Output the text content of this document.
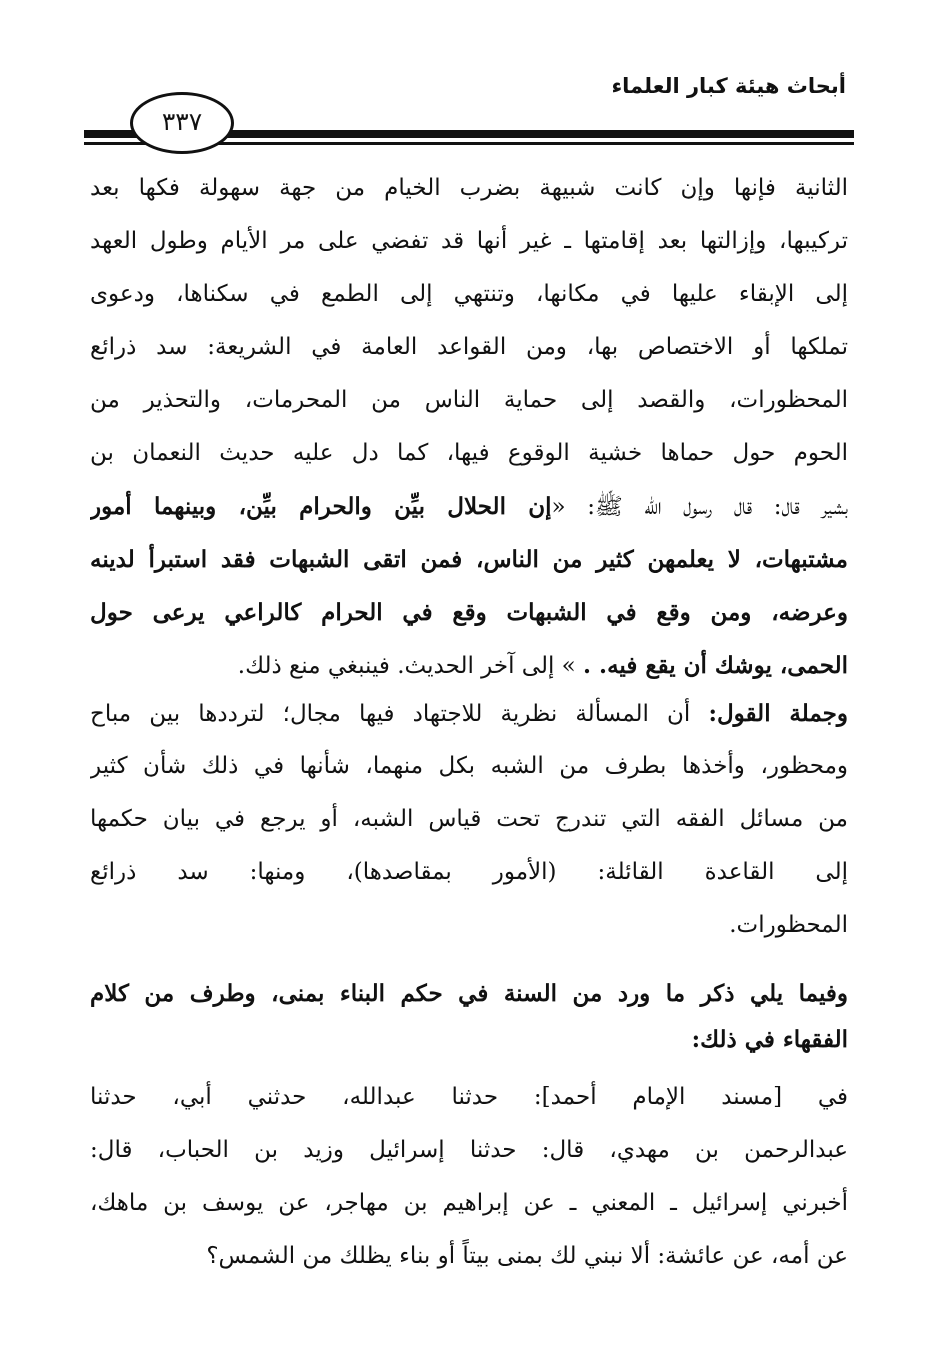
أبحاث هيئة كبار العلماء
٣٣٧
الثانية فإنها وإن كانت شبيهة بضرب الخيام من جهة سهولة فكها بعد
تركيبها، وإزالتها بعد إقامتها ـ غير أنها قد تفضي على مر الأيام وطول العهد
إلى الإبقاء عليها في مكانها، وتنتهي إلى الطمع في سكناها، ودعوى
تملكها أو الاختصاص بها، ومن القواعد العامة في الشريعة: سد ذرائع
المحظورات، والقصد إلى حماية الناس من المحرمات، والتحذير من
الحوم حول حماها خشية الوقوع فيها، كما دل عليه حديث النعمان بن
بشير قال: قال رسول الله ﷺ: «إن الحلال بيِّن والحرام بيِّن، وبينهما أمور
مشتبهات، لا يعلمهن كثير من الناس، فمن اتقى الشبهات فقد استبرأ لدينه
وعرضه، ومن وقع في الشبهات وقع في الحرام كالراعي يرعى حول
الحمى، يوشك أن يقع فيه. . » إلى آخر الحديث. فينبغي منع ذلك.
وجملة القول: أن المسألة نظرية للاجتهاد فيها مجال؛ لترددها بين مباح
ومحظور، وأخذها بطرف من الشبه بكل منهما، شأنها في ذلك شأن كثير
من مسائل الفقه التي تندرج تحت قياس الشبه، أو يرجع في بيان حكمها
إلى القاعدة القائلة: (الأمور بمقاصدها)، ومنها: سد ذرائع
المحظورات.
وفيما يلي ذكر ما ورد من السنة في حكم البناء بمنى، وطرف من كلام
الفقهاء في ذلك:
في [مسند الإمام أحمد]: حدثنا عبدالله، حدثني أبي، حدثنا
عبدالرحمن بن مهدي، قال: حدثنا إسرائيل وزيد بن الحباب، قال:
أخبرني إسرائيل ـ المعني ـ عن إبراهيم بن مهاجر، عن يوسف بن ماهك،
عن أمه، عن عائشة: ألا نبني لك بمنى بيتاً أو بناء يظلك من الشمس؟
